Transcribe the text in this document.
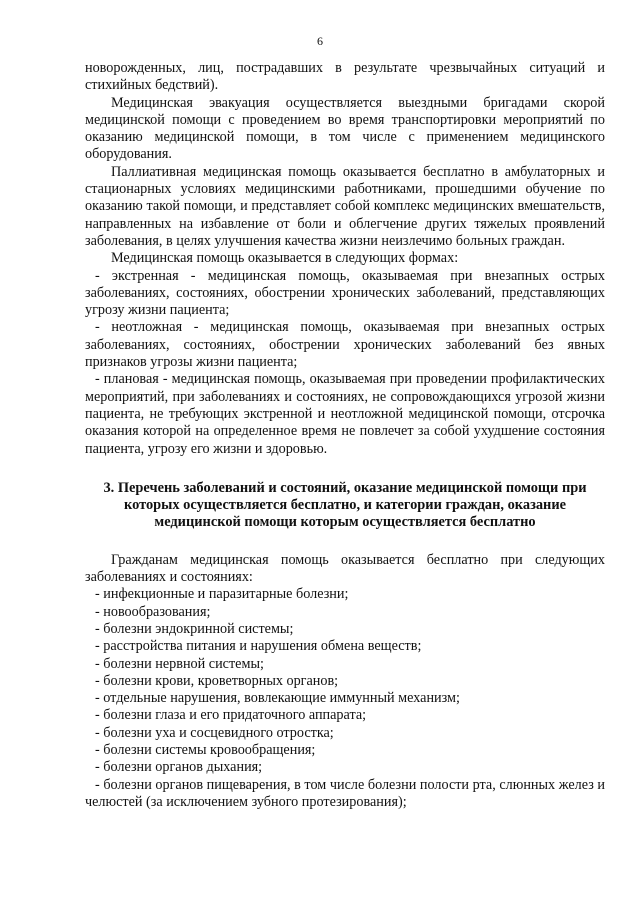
6

новорожденных, лиц, пострадавших в результате чрезвычайных ситуаций и стихийных бедствий).

Медицинская эвакуация осуществляется выездными бригадами скорой медицинской помощи с проведением во время транспортировки мероприятий по оказанию медицинской помощи, в том числе с применением медицинского оборудования.

Паллиативная медицинская помощь оказывается бесплатно в амбулаторных и стационарных условиях медицинскими работниками, прошедшими обучение по оказанию такой помощи, и представляет собой комплекс медицинских вмешательств, направленных на избавление от боли и облегчение других тяжелых проявлений заболевания, в целях улучшения качества жизни неизлечимо больных граждан.

Медицинская помощь оказывается в следующих формах:

- экстренная - медицинская помощь, оказываемая при внезапных острых заболеваниях, состояниях, обострении хронических заболеваний, представляющих угрозу жизни пациента;

- неотложная - медицинская помощь, оказываемая при внезапных острых заболеваниях, состояниях, обострении хронических заболеваний без явных признаков угрозы жизни пациента;

- плановая - медицинская помощь, оказываемая при проведении профилактических мероприятий, при заболеваниях и состояниях, не сопровождающихся угрозой жизни пациента, не требующих экстренной и неотложной медицинской помощи, отсрочка оказания которой на определенное время не повлечет за собой ухудшение состояния пациента, угрозу его жизни и здоровью.

3. Перечень заболеваний и состояний, оказание медицинской помощи при
которых осуществляется бесплатно, и категории граждан, оказание
медицинской помощи которым осуществляется бесплатно

Гражданам медицинская помощь оказывается бесплатно при следующих заболеваниях и состояниях:

- инфекционные и паразитарные болезни;

- новообразования;

- болезни эндокринной системы;

- расстройства питания и нарушения обмена веществ;

- болезни нервной системы;

- болезни крови, кроветворных органов;

- отдельные нарушения, вовлекающие иммунный механизм;

- болезни глаза и его придаточного аппарата;

- болезни уха и сосцевидного отростка;

- болезни системы кровообращения;

- болезни органов дыхания;

- болезни органов пищеварения, в том числе болезни полости рта, слюнных желез и челюстей (за исключением зубного протезирования);
